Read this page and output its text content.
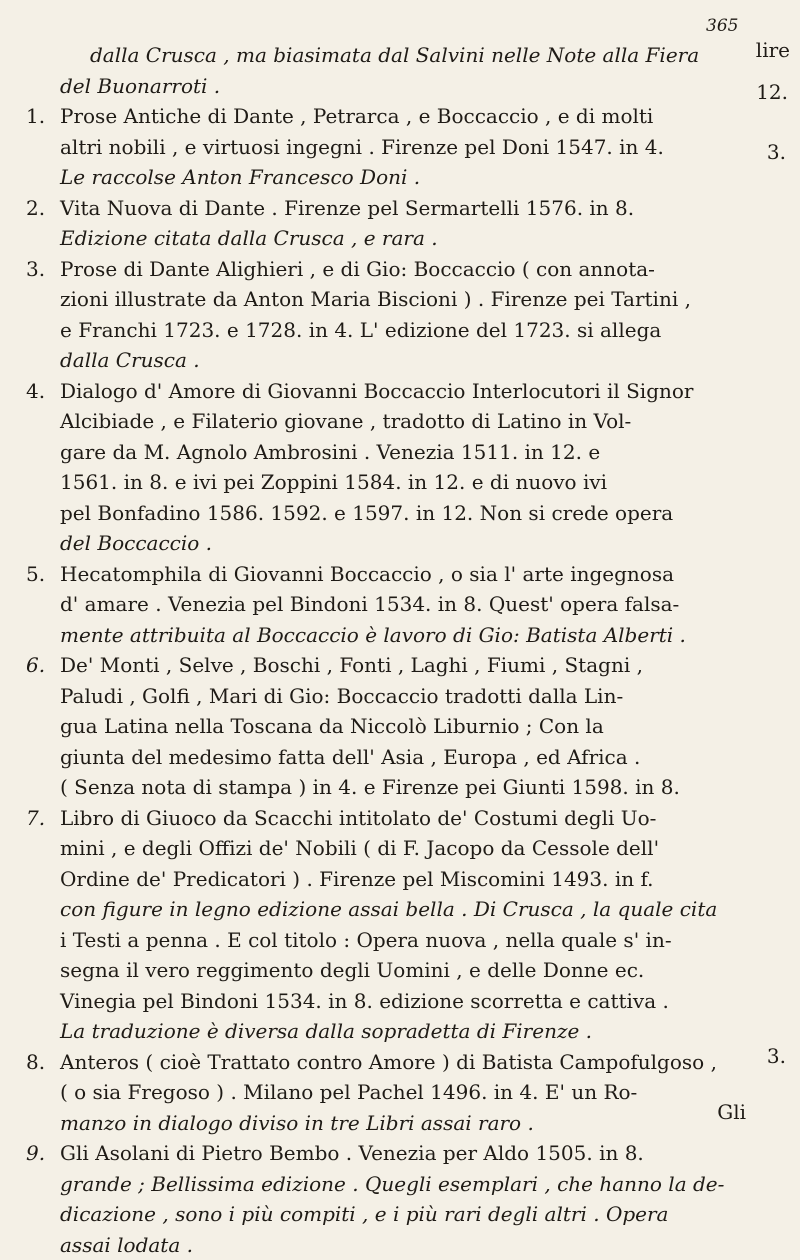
365
lire
dalla Crusca , ma biasimata dal Salvini nelle Note alla Fiera
del Buonarroti .
1. Prose Antiche di Dante , Petrarca , e Boccaccio , e di molti
altri nobili , e virtuosi ingegni . Firenze pel Doni 1547. in 4.
Le raccolse Anton Francesco Doni .
2. Vita Nuova di Dante . Firenze pel Sermartelli 1576. in 8.
Edizione citata dalla Crusca , e rara .
3. Prose di Dante Alighieri , e di Gio: Boccaccio ( con annota-
zioni illustrate da Anton Maria Biscioni ) . Firenze pei Tartini ,
e Franchi 1723. e 1728. in 4. L' edizione del 1723. si allega
dalla Crusca .
4. Dialogo d' Amore di Giovanni Boccaccio Interlocutori il Signor
Alcibiade , e Filaterio giovane , tradotto di Latino in Vol-
gare da M. Agnolo Ambrosini . Venezia 1511. in 12. e
1561. in 8. e ivi pei Zoppini 1584. in 12. e di nuovo ivi
pel Bonfadino 1586. 1592. e 1597. in 12. Non si crede opera
del Boccaccio .
5. Hecatomphila di Giovanni Boccaccio , o sia l' arte ingegnosa
d' amare . Venezia pel Bindoni 1534. in 8. Quest' opera falsa-
mente attribuita al Boccaccio è lavoro di Gio: Batista Alberti .
6. De' Monti , Selve , Boschi , Fonti , Laghi , Fiumi , Stagni ,
Paludi , Golfi , Mari di Gio: Boccaccio tradotti dalla Lin-
gua Latina nella Toscana da Niccolò Liburnio ; Con la
giunta del medesimo fatta dell' Asia , Europa , ed Africa .
( Senza nota di stampa ) in 4. e Firenze pei Giunti 1598. in 8.
7. Libro di Giuoco da Scacchi intitolato de' Costumi degli Uo-
mini , e degli Offizi de' Nobili ( di F. Jacopo da Cessole dell'
Ordine de' Predicatori ) . Firenze pel Miscomini 1493. in f.
con figure in legno edizione assai bella . Di Crusca , la quale cita
i Testi a penna . E col titolo : Opera nuova , nella quale s' in-
segna il vero reggimento degli Uomini , e delle Donne ec.
Vinegia pel Bindoni 1534. in 8. edizione scorretta e cattiva .
La traduzione è diversa dalla sopradetta di Firenze .
8. Anteros ( cioè Trattato contro Amore ) di Batista Campofulgoso ,
( o sia Fregoso ) . Milano pel Pachel 1496. in 4. E' un Ro-
manzo in dialogo diviso in tre Libri assai raro .
9. Gli Asolani di Pietro Bembo . Venezia per Aldo 1505. in 8.
grande ; Bellissima edizione . Quegli esemplari , che hanno la de-
dicazione , sono i più compiti , e i più rari degli altri . Opera
assai lodata .
12.
3.
3.
Gli
